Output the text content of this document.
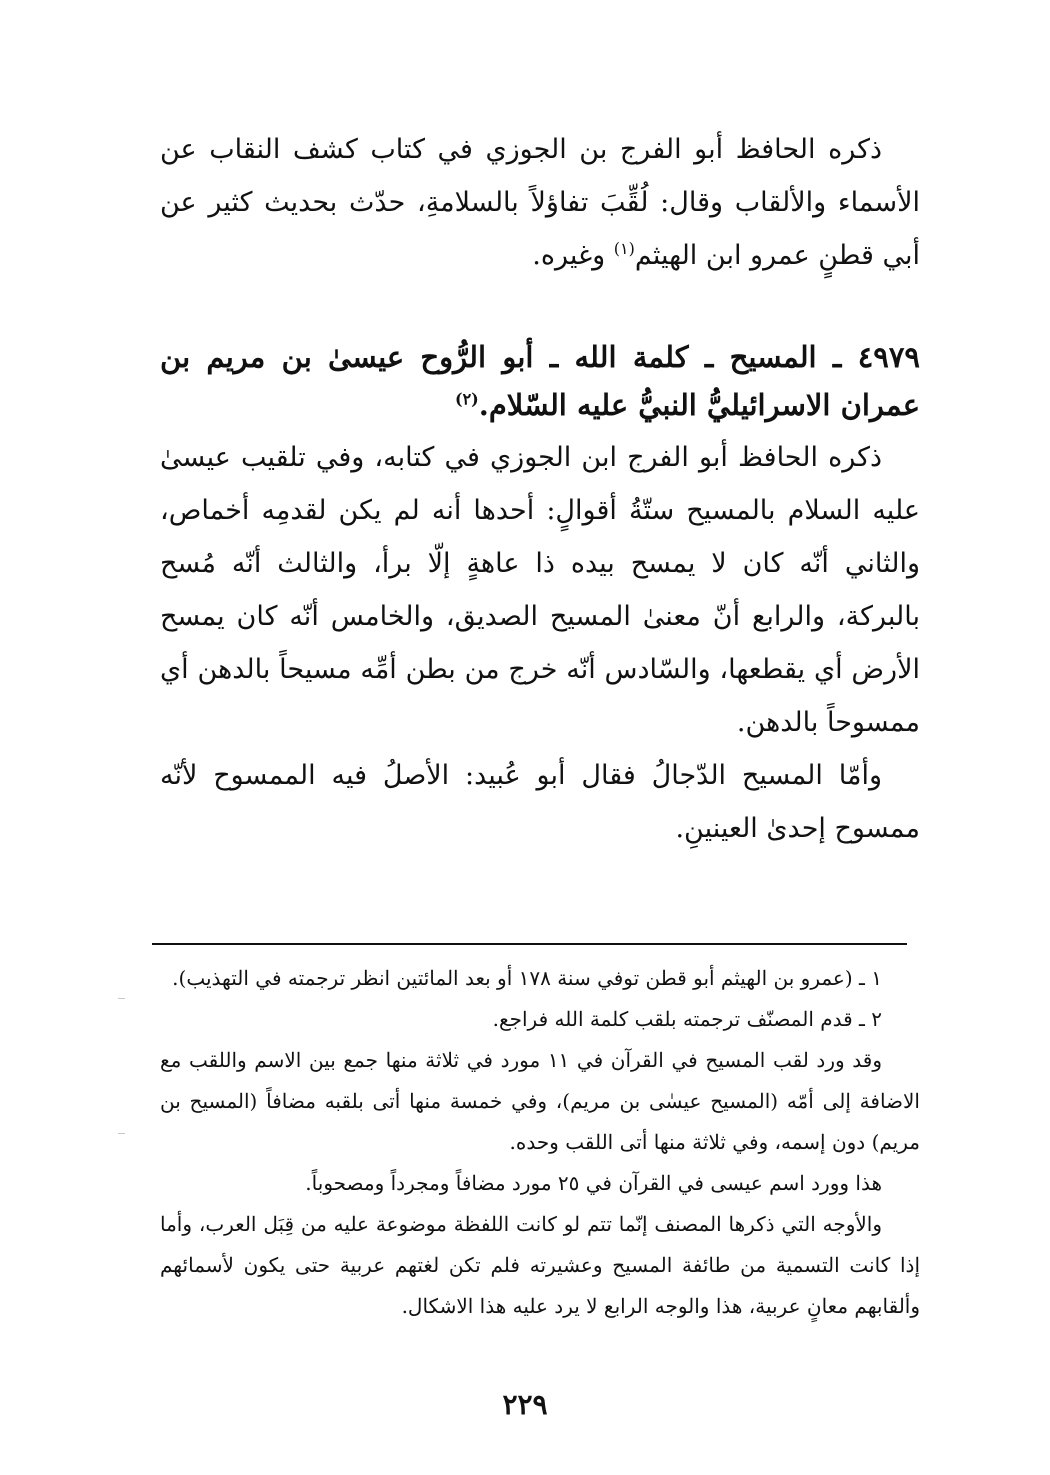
ذكره الحافظ أبو الفرج بن الجوزي في كتاب كشف النقاب عن الأسماء والألقاب وقال: لُقِّبَ تفاؤلاً بالسلامةِ، حدّث بحديث كثير عن أبي قطنٍ عمرو ابن الهيثم$^{(١)}$ وغيره.

٤٩٧٩ ـ المسيح ـ كلمة الله ـ أبو الرُّوح عيسىٰ بن مريم بن عمران الاسرائيليُّ النبيُّ عليه السّلام.$^{(٢)}$

ذكره الحافظ أبو الفرج ابن الجوزي في كتابه، وفي تلقيب عيسىٰ عليه السلام بالمسيح ستّةُ أقوالٍ: أحدها أنه لم يكن لقدمِه أخماص، والثاني أنّه كان لا يمسح بيده ذا عاهةٍ إلّا برأ، والثالث أنّه مُسح بالبركة، والرابع أنّ معنىٰ المسيح الصديق، والخامس أنّه كان يمسح الأرض أي يقطعها، والسّادس أنّه خرج من بطن أمِّه مسيحاً بالدهن أي ممسوحاً بالدهن.

وأمّا المسيح الدّجالُ فقال أبو عُبيد: الأصلُ فيه الممسوح لأنّه ممسوح إحدىٰ العينينِ.

١ ـ (عمرو بن الهيثم أبو قطن توفي سنة ١٧٨ أو بعد المائتين انظر ترجمته في التهذيب).

٢ ـ قدم المصنّف ترجمته بلقب كلمة الله فراجع.

وقد ورد لقب المسيح في القرآن في ١١ مورد في ثلاثة منها جمع بين الاسم واللقب مع الاضافة إلى أمّه (المسيح عيسٰى بن مريم)، وفي خمسة منها أتى بلقبه مضافاً (المسيح بن مريم) دون إسمه، وفي ثلاثة منها أتى اللقب وحده.

هذا وورد اسم عيسى في القرآن في ٢٥ مورد مضافاً ومجرداً ومصحوباً.

والأوجه التي ذكرها المصنف إنّما تتم لو كانت اللفظة موضوعة عليه من قِبَل العرب، وأما إذا كانت التسمية من طائفة المسيح وعشيرته فلم تكن لغتهم عربية حتى يكون لأسمائهم وألقابهم معانٍ عربية، هذا والوجه الرابع لا يرد عليه هذا الاشكال.

٢٢٩
